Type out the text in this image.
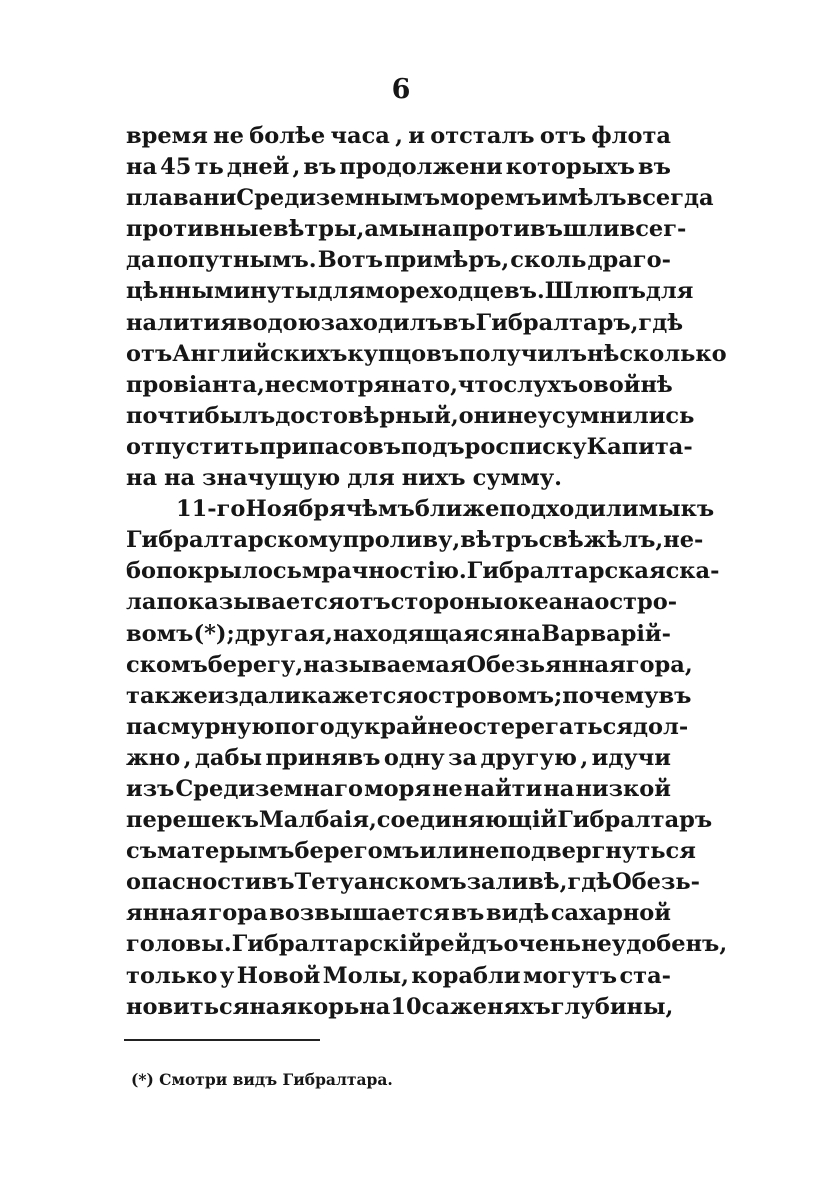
6
время не болѣе часа , и отсталъ отъ флота
на 45 ть дней , въ продолжени которыхъ въ
плавани Средиземнымъ моремъ имѣлъ всегда
противные вѣтры, а мы напротивъ шли всег-
да попутнымъ. Вотъ примѣръ, сколь драго-
цѣнны минуты для мореходцевъ. Шлюпъ для
налития водою заходилъ въ Гибралтаръ , гдѣ
отъ Английскихъ купцовъ получилъ нѣсколько
провiанта, не смотря на то, что слухъ о войнѣ
почти былъ достовѣрный, они не усумнились
отпустить припасовъ подъ росписку Капита-
на на значущую для нихъ сумму.
11-го Ноября чѣмъ ближе подходили мы къ
Гибралтарскому проливу, вѣтръ свѣжѣлъ, не-
бо покрылось мрачностiю. Гибралтарская ска-
ла показывается отъ стороны океана остро-
вомъ (*); другая , находящаяся на Варварiй-
скомъ берегу , называемая Обезьянная гора,
также издали кажется островомъ; почему въ
пасмурную погоду крайне остерегаться дол-
жно , дабы принявъ одну за другую , идучи
изъ Средиземнаго моря не найти на низкой
перешекъ Малбаiя , соединяющiй Гибралтаръ
съ матерымъ берегомъ или не подвергнуться
опасности въ Тетуанскомъ заливѣ, гдѣ Обезь-
янная гора возвышается въ видѣ сахарной
головы. Гибралтарскiй рейдъ очень неудобенъ,
только у Новой Молы, корабли могутъ ста-
новиться на якорь на 10 саженяхъ глубины,
(*) Смотри видъ Гибралтара.
